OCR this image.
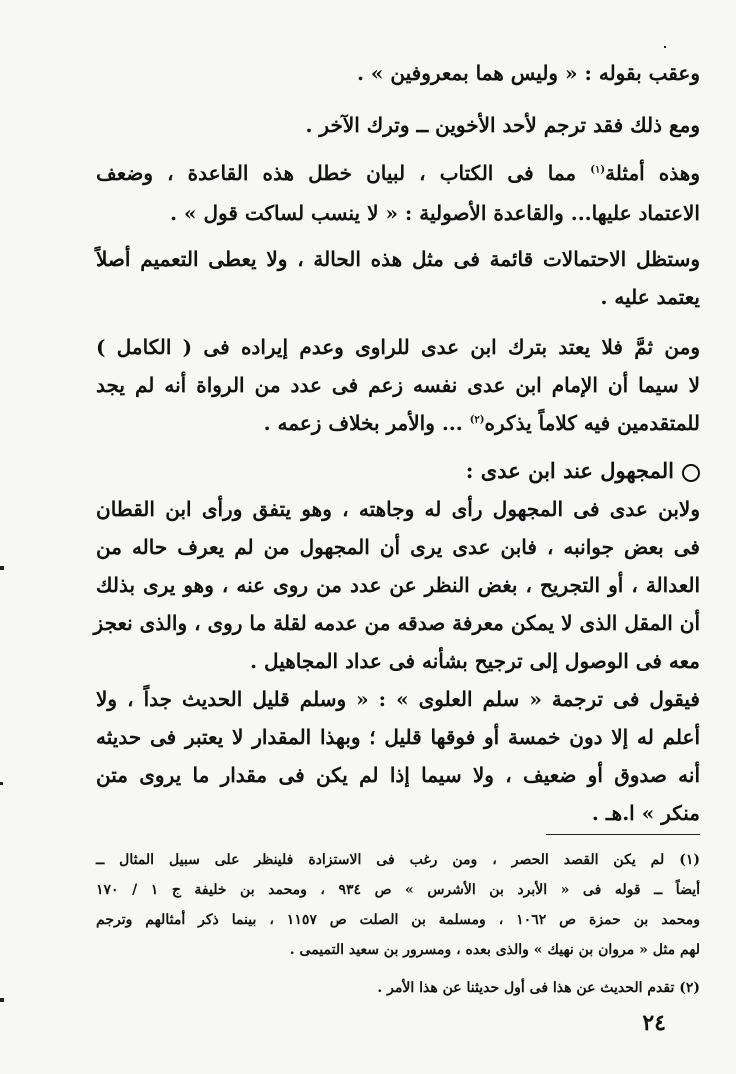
وعقب بقوله : « وليس هما بمعروفين » .
ومع ذلك فقد ترجم لأحد الأخوين ــ وترك الآخر .
وهذه أمثلة$^{(١)}$ مما فى الكتاب ، لبيان خطل هذه القاعدة ، وضعف
الاعتماد عليها... والقاعدة الأصولية : « لا ينسب لساكت قول » .
وستظل الاحتمالات قائمة فى مثل هذه الحالة ، ولا يعطى التعميم أصلاً
يعتمد عليه .
ومن ثمَّ فلا يعتد بترك ابن عدى للراوى وعدم إيراده فى ( الكامل )
لا سيما أن الإمام ابن عدى نفسه زعم فى عدد من الرواة أنه لم يجد
للمتقدمين فيه كلاماً يذكره$^{(٢)}$ ... والأمر بخلاف زعمه .
المجهول عند ابن عدى :
ولابن عدى فى المجهول رأى له وجاهته ، وهو يتفق ورأى ابن القطان
فى بعض جوانبه ، فابن عدى يرى أن المجهول من لم يعرف حاله من
العدالة ، أو التجريح ، بغض النظر عن عدد من روى عنه ، وهو يرى بذلك
أن المقل الذى لا يمكن معرفة صدقه من عدمه لقلة ما روى ، والذى نعجز
معه فى الوصول إلى ترجيح بشأنه فى عداد المجاهيل .
فيقول فى ترجمة « سلم العلوى » : « وسلم قليل الحديث جداً ، ولا
أعلم له إلا دون خمسة أو فوقها قليل ؛ وبهذا المقدار لا يعتبر فى حديثه
أنه صدوق أو ضعيف ، ولا سيما إذا لم يكن فى مقدار ما يروى متن
منكر » ا.هـ .
(١) لم يكن القصد الحصر ، ومن رغب فى الاستزادة فلينظر على سبيل المثال ــ
أيضاً ــ قوله فى « الأبرد بن الأشرس » ص ٩٣٤ ، ومحمد بن خليفة ج ١ / ١٧٠
ومحمد بن حمزة ص ١٠٦٢ ، ومسلمة بن الصلت ص ١١٥٧ ، بينما ذكر أمثالهم وترجم
لهم مثل « مروان بن نهيك » والذى بعده ، ومسرور بن سعيد التميمى .
(٢) تقدم الحديث عن هذا فى أول حديثنا عن هذا الأمر .
٢٤
